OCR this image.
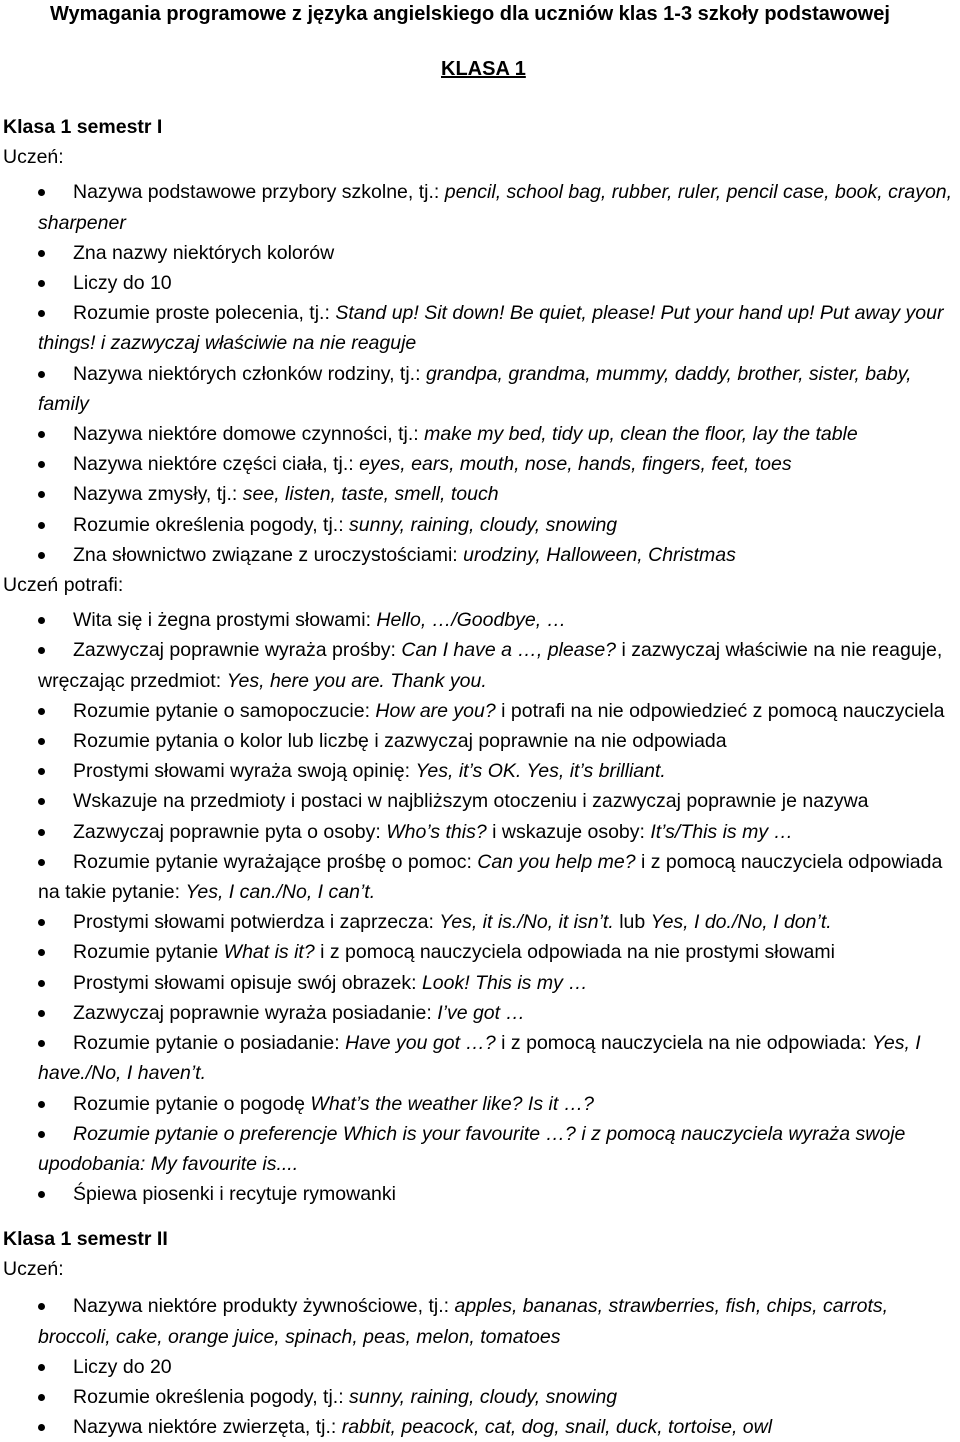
Wymagania programowe z języka angielskiego dla uczniów klas 1-3 szkoły podstawowej
KLASA 1
Klasa 1 semestr I
Uczeń:
Nazywa podstawowe przybory szkolne, tj.: pencil, school bag, rubber, ruler, pencil case, book, crayon, sharpener
Zna nazwy niektórych kolorów
Liczy do 10
Rozumie proste polecenia, tj.: Stand up! Sit down! Be quiet, please! Put your hand up! Put away your things! i zazwyczaj właściwie na nie reaguje
Nazywa niektórych członków rodziny, tj.: grandpa, grandma, mummy, daddy, brother, sister, baby, family
Nazywa niektóre domowe czynności, tj.: make my bed, tidy up, clean the floor, lay the table
Nazywa niektóre części ciała, tj.: eyes, ears, mouth, nose, hands, fingers, feet, toes
Nazywa zmysły, tj.: see, listen, taste, smell, touch
Rozumie określenia pogody, tj.: sunny, raining, cloudy, snowing
Zna słownictwo związane z uroczystościami: urodziny, Halloween, Christmas
Uczeń potrafi:
Wita się i żegna prostymi słowami: Hello, …/Goodbye, …
Zazwyczaj poprawnie wyraża prośby: Can I have a …, please? i zazwyczaj właściwie na nie reaguje, wręczając przedmiot: Yes, here you are. Thank you.
Rozumie pytanie o samopoczucie: How are you? i potrafi na nie odpowiedzieć z pomocą nauczyciela
Rozumie pytania o kolor lub liczbę i zazwyczaj poprawnie na nie odpowiada
Prostymi słowami wyraża swoją opinię: Yes, it’s OK. Yes, it’s brilliant.
Wskazuje na przedmioty i postaci w najbliższym otoczeniu i zazwyczaj poprawnie je nazywa
Zazwyczaj poprawnie pyta o osoby: Who’s this? i wskazuje osoby: It’s/This is my …
Rozumie pytanie wyrażające prośbę o pomoc: Can you help me? i z pomocą nauczyciela odpowiada na takie pytanie: Yes, I can./No, I can’t.
Prostymi słowami potwierdza i zaprzecza: Yes, it is./No, it isn’t. lub Yes, I do./No, I don’t.
Rozumie pytanie What is it? i z pomocą nauczyciela odpowiada na nie prostymi słowami
Prostymi słowami opisuje swój obrazek: Look! This is my …
Zazwyczaj poprawnie wyraża posiadanie: I’ve got …
Rozumie pytanie o posiadanie: Have you got …? i z pomocą nauczyciela na nie odpowiada: Yes, I have./No, I haven’t.
Rozumie pytanie o pogodę What’s the weather like? Is it …?
Rozumie pytanie o preferencje Which is your favourite …? i z pomocą nauczyciela wyraża swoje upodobania: My favourite is....
Śpiewa piosenki i recytuje rymowanki
Klasa 1 semestr II
Uczeń:
Nazywa niektóre produkty żywnościowe, tj.: apples, bananas, strawberries, fish, chips, carrots, broccoli, cake, orange juice, spinach, peas, melon, tomatoes
Liczy do 20
Rozumie określenia pogody, tj.: sunny, raining, cloudy, snowing
Nazywa niektóre zwierzęta, tj.: rabbit, peacock, cat, dog, snail, duck, tortoise, owl
